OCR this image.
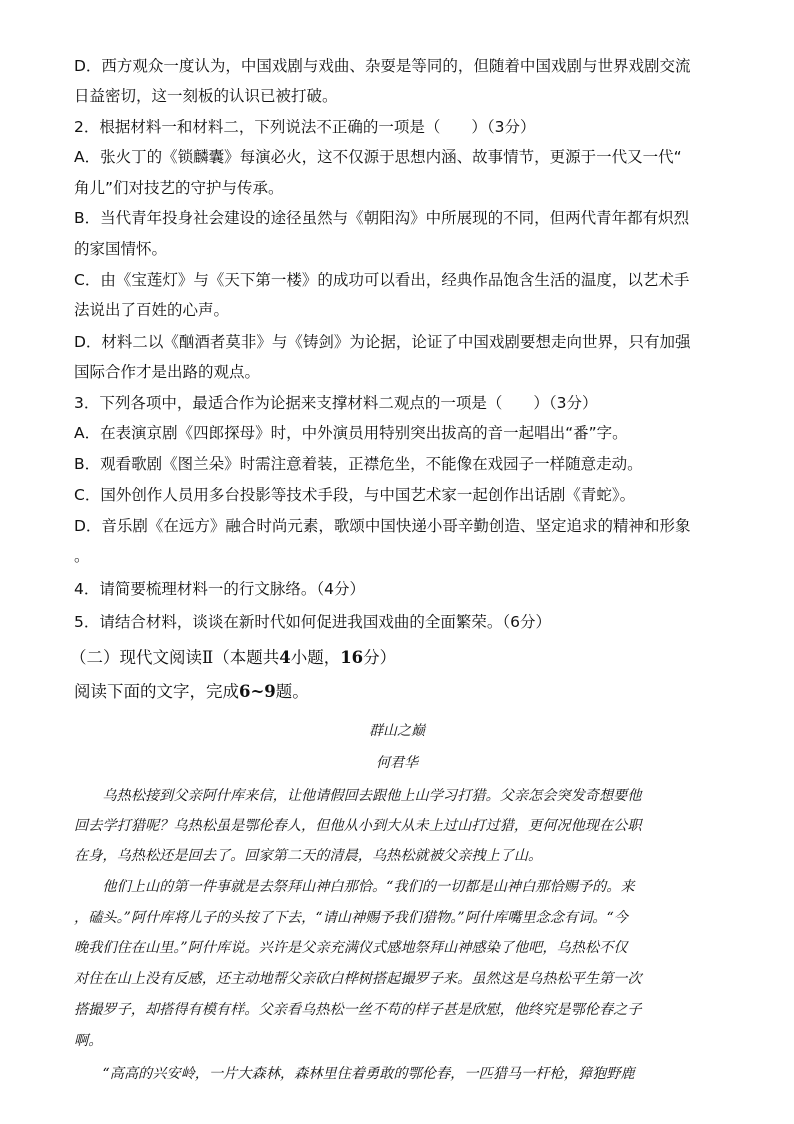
D．西方观众一度认为，中国戏剧与戏曲、杂耍是等同的，但随着中国戏剧与世界戏剧交流
日益密切，这一刻板的认识已被打破。
2．根据材料一和材料二，下列说法不正确的一项是（　　）（3分）
A．张火丁的《锁麟囊》每演必火，这不仅源于思想内涵、故事情节，更源于一代又一代“
角儿”们对技艺的守护与传承。
B．当代青年投身社会建设的途径虽然与《朝阳沟》中所展现的不同，但两代青年都有炽烈
的家国情怀。
C．由《宝莲灯》与《天下第一楼》的成功可以看出，经典作品饱含生活的温度，以艺术手
法说出了百姓的心声。
D．材料二以《酗酒者莫非》与《铸剑》为论据，论证了中国戏剧要想走向世界，只有加强
国际合作才是出路的观点。
3．下列各项中，最适合作为论据来支撑材料二观点的一项是（　　）（3分）
A．在表演京剧《四郎探母》时，中外演员用特别突出拔高的音一起唱出“番”字。
B．观看歌剧《图兰朵》时需注意着装，正襟危坐，不能像在戏园子一样随意走动。
C．国外创作人员用多台投影等技术手段，与中国艺术家一起创作出话剧《青蛇》。
D．音乐剧《在远方》融合时尚元素，歌颂中国快递小哥辛勤创造、坚定追求的精神和形象
。
4．请简要梳理材料一的行文脉络。（4分）
5．请结合材料，谈谈在新时代如何促进我国戏曲的全面繁荣。（6分）
（二）现代文阅读Ⅱ（本题共4小题，16分）
阅读下面的文字，完成6~9题。
群山之巅
何君华
　　乌热松接到父亲阿什库来信，让他请假回去跟他上山学习打猎。父亲怎会突发奇想要他
回去学打猎呢？乌热松虽是鄂伦春人，但他从小到大从未上过山打过猎，更何况他现在公职
在身，乌热松还是回去了。回家第二天的清晨，乌热松就被父亲拽上了山。
　　他们上山的第一件事就是去祭拜山神白那恰。“我们的一切都是山神白那恰赐予的。来
，磕头。”阿什库将儿子的头按了下去，“请山神赐予我们猎物。”阿什库嘴里念念有词。“今
晚我们住在山里。”阿什库说。兴许是父亲充满仪式感地祭拜山神感染了他吧，乌热松不仅
对住在山上没有反感，还主动地帮父亲砍白桦树搭起撮罗子来。虽然这是乌热松平生第一次
搭撮罗子，却搭得有模有样。父亲看乌热松一丝不苟的样子甚是欣慰，他终究是鄂伦春之子
啊。
　　“高高的兴安岭，一片大森林，森林里住着勇敢的鄂伦春，一匹猎马一杆枪，獐狍野鹿
